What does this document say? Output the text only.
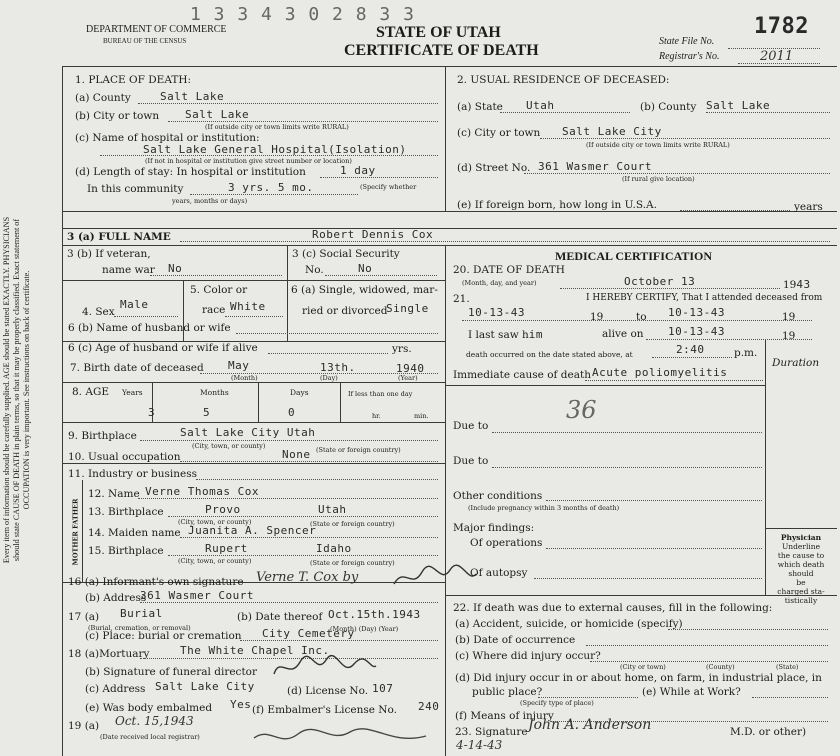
Every item of information should be carefully supplied. AGE should be stated EXACTLY. PHYSICIANS should state CAUSE OF DEATH in plain terms, so that it may be properly classified. Exact statement of OCCUPATION is very important. See instructions on back of certificate.
MOTHER FATHER
1 3 3 4 3 0 2 8 3 3
DEPARTMENT OF COMMERCE
BUREAU OF THE CENSUS	STATE OF UTAH
CERTIFICATE OF DEATH
1782
State File No.
Registrar's No.	2011
1. PLACE OF DEATH:
(a) County	Salt Lake
(b) City or town Salt Lake
(If outside city or town limits write RURAL)
(c) Name of hospital or institution:
Salt Lake General Hospital(Isolation)
(If not in hospital or institution give street number or location)
(d) Length of stay: In hospital or institution	1 day
In this community	3 yrs. 5 mo.	(Specify whether
years, months or days)
2. USUAL RESIDENCE OF DECEASED:
(a) State Utah	(b) County Salt Lake
(c) City or town Salt Lake City
(If outside city or town limits write RURAL)
(d) Street No. 361 Wasmer Court
(If rural give location)
(e) If foreign born, how long in U.S.A.	years
3 (a) FULL NAME	Robert Dennis Cox
3 (b) If veteran,
name war No
3 (c) Social Security
No.	No
MEDICAL CERTIFICATION
4. Sex
Male
5. Color or
race White
6 (a) Single, widowed, mar-
ried or divorced
Single
6 (b) Name of husband or wife
6 (c) Age of husband or wife if alive	yrs.
7. Birth date of deceased May	13th.	1940
(Month)	(Day)	(Year)
8. AGE Years	Months	Days	If less than one day
3	5	0	hr.	min.
9. Birthplace	Salt Lake City Utah
(City, town, or county)	(State or foreign country)
10. Usual occupation	None
11. Industry or business
12. Name Verne Thomas Cox
13. Birthplace	Provo	Utah
(City, town, or county)	(State or foreign country)
14. Maiden name Juanita A. Spencer
15. Birthplace	Rupert	Idaho
(City, town, or county)	(State or foreign country)
16 (a) Informant's own signature Verne T. Cox by
(b) Address
361 Wasmer Court
17 (a) Burial
(Burial, cremation, or removal)
(b) Date thereof Oct.15th.1943
(Month) (Day) (Year)
(c) Place: burial or cremation City Cemetery
18 (a)Mortuary	The White Chapel Inc.
(b) Signature of funeral director
(c) Address Salt Lake City	(d) License No. 107
(e) Was body embalmed Yes (f) Embalmer's License No. 240
19 (a) Oct. 15,1943
(Date received local registrar)
20. DATE OF DEATH
(Month, day, and year)	October 13	1943
21.	I HEREBY CERTIFY, That I attended deceased from
10-13-43	19	to 10-13-43	19
I last saw him	alive on 10-13-43	19
death occurred on the date stated above, at	2:40	p.m.
Duration
Immediate cause of death Acute poliomyelitis
36
Due to
Due to
Other conditions
(Include pregnancy within 3 months of death)
Major findings:
Of operations
Of autopsy
Physician
Underline
the cause to
which death
should
be
charged sta-
tistically
22. If death was due to external causes, fill in the following:
(a) Accident, suicide, or homicide (specify)
(b) Date of occurrence
(c) Where did injury occur?
(City or town)	(County)	(State)
(d) Did injury occur in or about home, on farm, in industrial place, in
public place?	(e) While at Work?
(Specify type of place)
(f) Means of injury
23. Signature John A. Anderson	M.D. or other)
4-14-43
